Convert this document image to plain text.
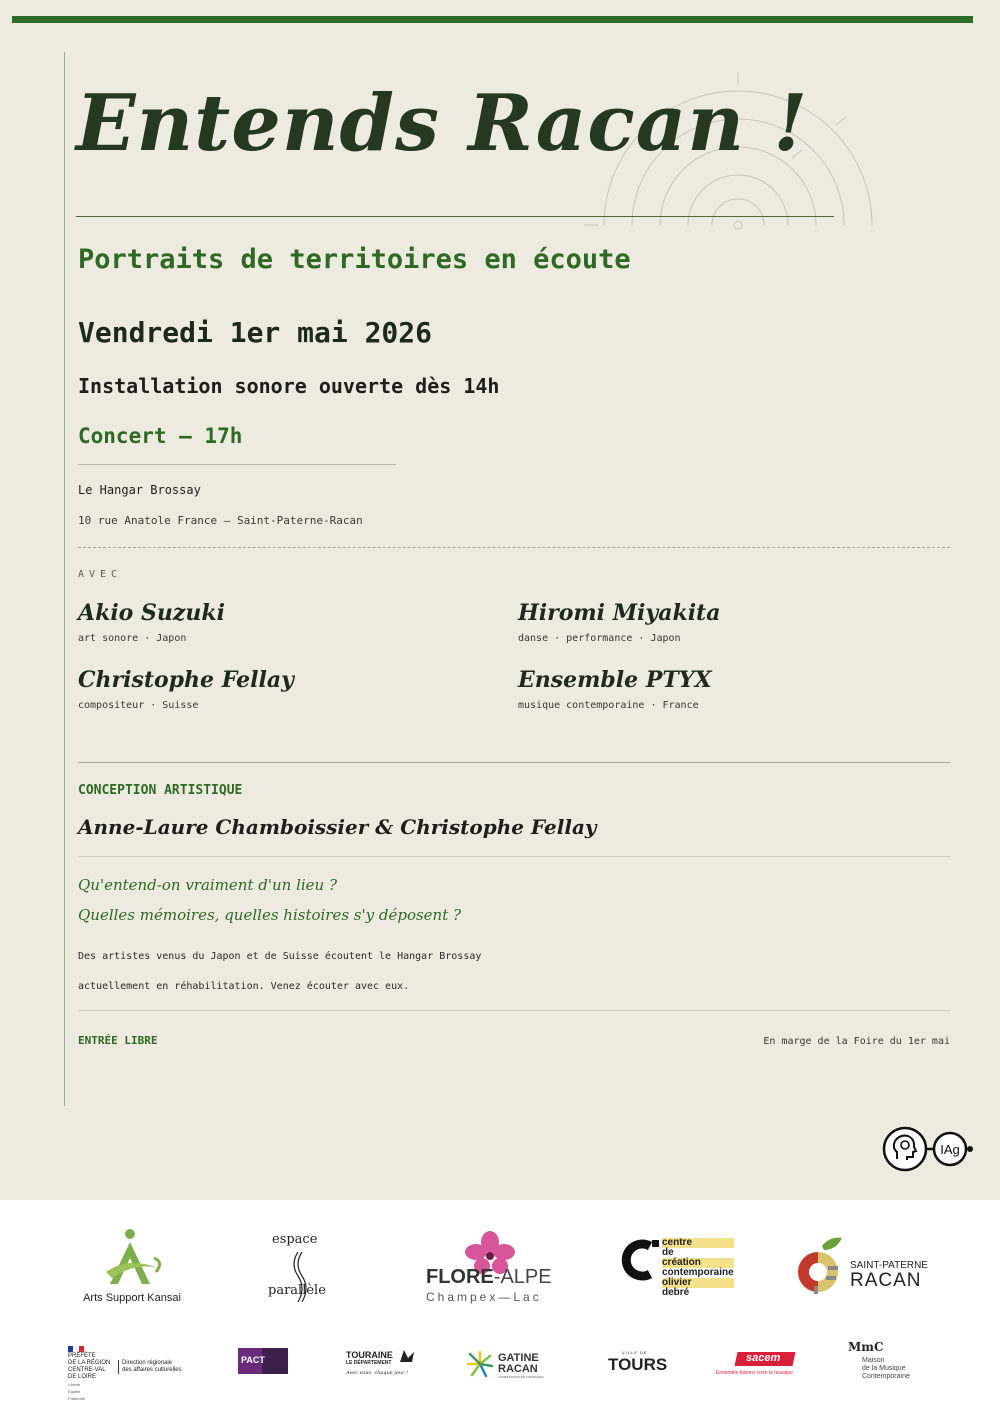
Entends Racan !
Portraits de territoires en écoute
Vendredi 1er mai 2026
Installation sonore ouverte dès 14h
Concert — 17h
Le Hangar Brossay
10 rue Anatole France — Saint-Paterne-Racan
AVEC
Akio Suzuki
art sonore · Japon
Hiromi Miyakita
danse · performance · Japon
Christophe Fellay
compositeur · Suisse
Ensemble PTYX
musique contemporaine · France
CONCEPTION ARTISTIQUE
Anne-Laure Chamboissier & Christophe Fellay
Qu'entend-on vraiment d'un lieu ?
Quelles mémoires, quelles histoires s'y déposent ?
Des artistes venus du Japon et de Suisse écoutent le Hangar Brossay
actuellement en réhabilitation. Venez écouter avec eux.
ENTRÉE LIBRE	En marge de la Foire du 1er mai
IAg
Arts Support Kansai
espace
parallèle
FLORE-ALPE
Champex—Lac
centre
de
création
contemporaine
olivier
debré
SAINT-PATERNE
RACAN
PRÉFÈTE
DE LA RÉGION
CENTRE-VAL
DE LOIRE
Liberté
Égalité
Fraternité
Direction régionale
des affaires culturelles
PACT	TOURAINE
LE DÉPARTEMENT
Avec vous, chaque jour !
GATINE
RACAN
COMMUNAUTÉ DE COMMUNES
VILLE DE
TOURS	sacem
Ensemble faisons vivre la musique
MmC
Maison
de la Musique
Contemporaine
